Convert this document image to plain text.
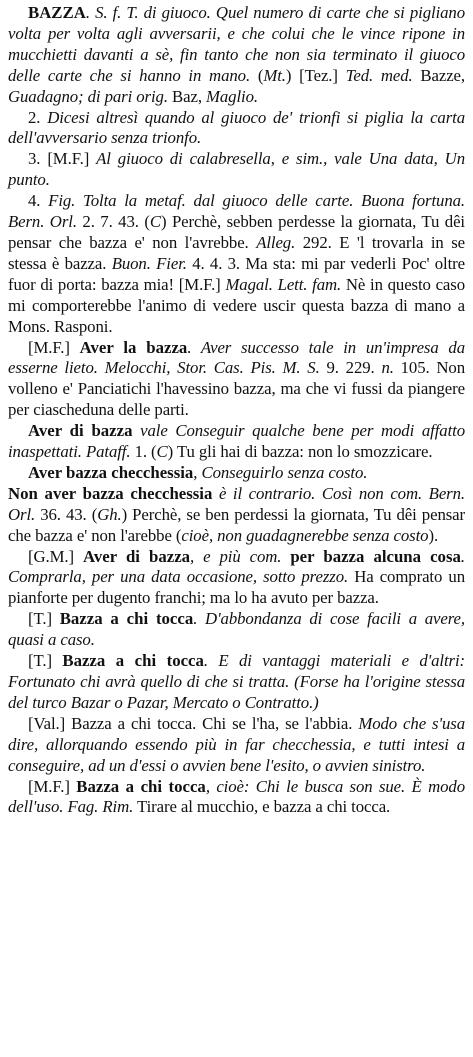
BAZZA. S. f. T. di giuoco. Quel numero di carte che si pigliano volta per volta agli avversarii, e che colui che le vince ripone in mucchietti davanti a sè, fin tanto che non sia terminato il giuoco delle carte che si hanno in mano. (Mt.) [Tez.] Ted. med. Bazze, Guadagno; di pari orig. Baz, Maglio.

2. Dicesi altresì quando al giuoco de' trionfi si piglia la carta dell'avversario senza trionfo.

3. [M.F.] Al giuoco di calabresella, e sim., vale Una data, Un punto.

4. Fig. Tolta la metaf. dal giuoco delle carte. Buona fortuna. Bern. Orl. 2. 7. 43. (C) Perchè, sebben perdesse la giornata, Tu dêi pensar che bazza e' non l'avrebbe. Alleg. 292. E 'l trovarla in se stessa è bazza. Buon. Fier. 4. 4. 3. Ma sta: mi par vederli Poc' oltre fuor di porta: bazza mia! [M.F.] Magal. Lett. fam. Nè in questo caso mi comporterebbe l'animo di vedere uscir questa bazza di mano a Mons. Rasponi.

[M.F.] Aver la bazza. Aver successo tale in un'impresa da esserne lieto. Melocchi, Stor. Cas. Pis. M. S. 9. 229. n. 105. Non volleno e' Panciatichi l'havessino bazza, ma che vi fussi da piangere per ciascheduna delle parti.

Aver di bazza vale Conseguir qualche bene per modi affatto inaspettati. Pataff. 1. (C) Tu gli hai di bazza: non lo smozzicare.

Aver bazza checchessia, Conseguirlo senza costo.

Non aver bazza checchessia è il contrario. Così non com. Bern. Orl. 36. 43. (Gh.) Perchè, se ben perdessi la giornata, Tu dêi pensar che bazza e' non l'arebbe (cioè, non guadagnerebbe senza costo).

[G.M.] Aver di bazza, e più com. per bazza alcuna cosa. Comprarla, per una data occasione, sotto prezzo. Ha comprato un pianforte per dugento franchi; ma lo ha avuto per bazza.

[T.] Bazza a chi tocca. D'abbondanza di cose facili a avere, quasi a caso.

[T.] Bazza a chi tocca. E di vantaggi materiali e d'altri: Fortunato chi avrà quello di che si tratta. (Forse ha l'origine stessa del turco Bazar o Pazar, Mercato o Contratto.)

[Val.] Bazza a chi tocca. Chi se l'ha, se l'abbia. Modo che s'usa dire, allorquando essendo più in far checchessia, e tutti intesi a conseguire, ad un d'essi o avvien bene l'esito, o avvien sinistro.

[M.F.] Bazza a chi tocca, cioè: Chi le busca son sue. È modo dell'uso. Fag. Rim. Tirare al mucchio, e bazza a chi tocca.
